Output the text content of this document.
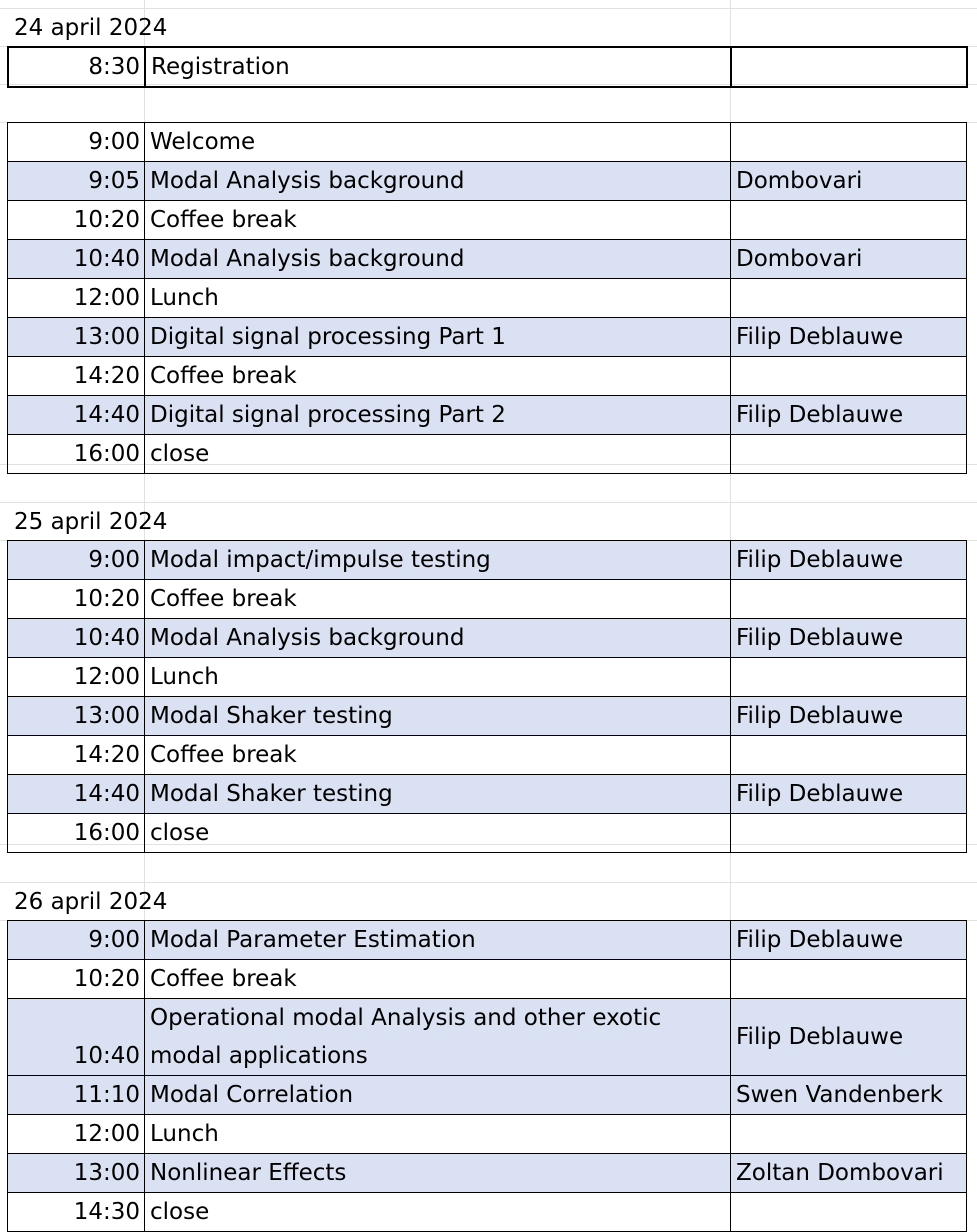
24 april 2024
8:30	Registration	
9:00	Welcome	
9:05	Modal Analysis background	Dombovari
10:20	Coffee break	
10:40	Modal Analysis background	Dombovari
12:00	Lunch	
13:00	Digital signal processing Part 1	Filip Deblauwe
14:20	Coffee break	
14:40	Digital signal processing Part 2	Filip Deblauwe
16:00	close	
25 april 2024
9:00	Modal impact/impulse testing	Filip Deblauwe
10:20	Coffee break	
10:40	Modal Analysis background	Filip Deblauwe
12:00	Lunch	
13:00	Modal Shaker testing	Filip Deblauwe
14:20	Coffee break	
14:40	Modal Shaker testing	Filip Deblauwe
16:00	close	
26 april 2024
9:00	Modal Parameter Estimation	Filip Deblauwe
10:20	Coffee break	
10:40	Operational modal Analysis and other exotic modal applications	Filip Deblauwe
11:10	Modal Correlation	Swen Vandenberk
12:00	Lunch	
13:00	Nonlinear Effects	Zoltan Dombovari
14:30	close	
